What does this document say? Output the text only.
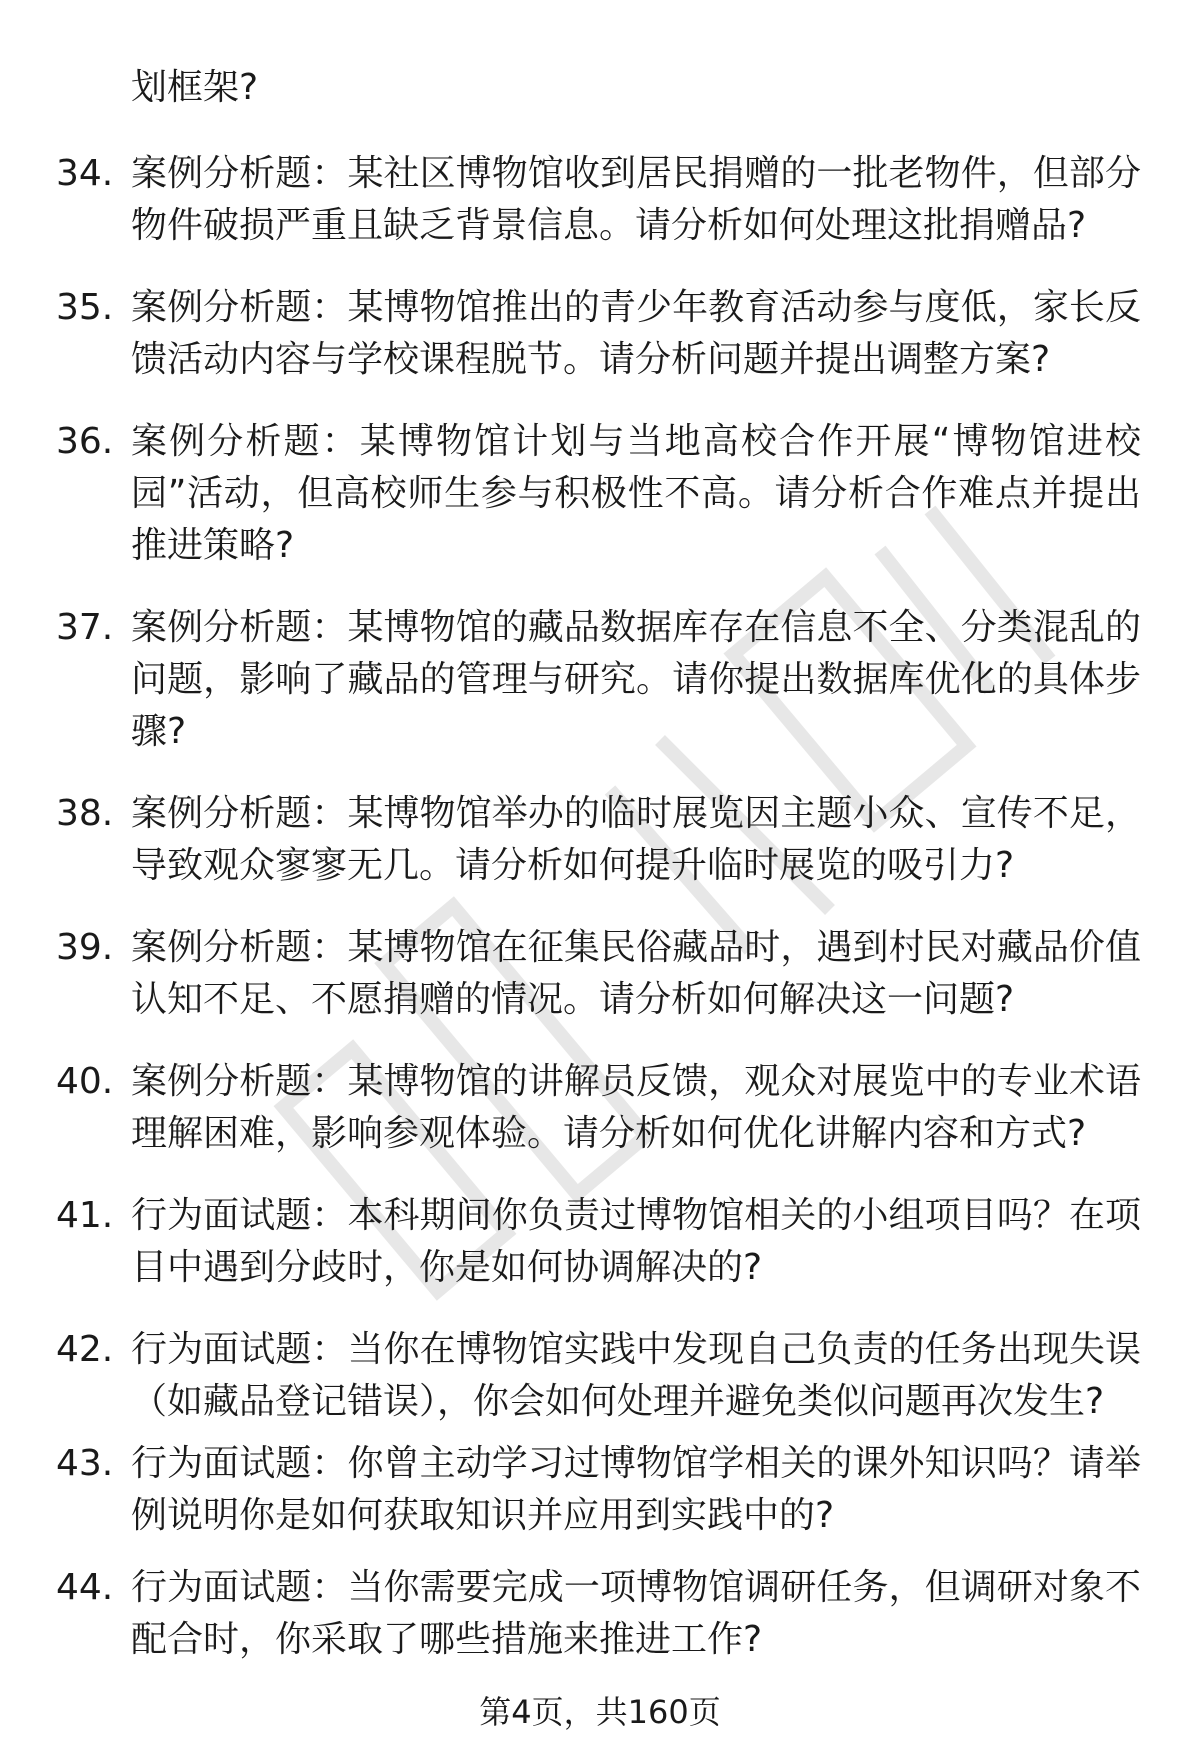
划框架?
34. 案例分析题：某社区博物馆收到居民捐赠的一批老物件，但部分物件破损严重且缺乏背景信息。请分析如何处理这批捐赠品?
35. 案例分析题：某博物馆推出的青少年教育活动参与度低，家长反馈活动内容与学校课程脱节。请分析问题并提出调整方案?
36. 案例分析题：某博物馆计划与当地高校合作开展“博物馆进校园”活动，但高校师生参与积极性不高。请分析合作难点并提出推进策略?
37. 案例分析题：某博物馆的藏品数据库存在信息不全、分类混乱的问题，影响了藏品的管理与研究。请你提出数据库优化的具体步骤?
38. 案例分析题：某博物馆举办的临时展览因主题小众、宣传不足，导致观众寥寥无几。请分析如何提升临时展览的吸引力?
39. 案例分析题：某博物馆在征集民俗藏品时，遇到村民对藏品价值认知不足、不愿捐赠的情况。请分析如何解决这一问题?
40. 案例分析题：某博物馆的讲解员反馈，观众对展览中的专业术语理解困难，影响参观体验。请分析如何优化讲解内容和方式?
41. 行为面试题：本科期间你负责过博物馆相关的小组项目吗？在项目中遇到分歧时，你是如何协调解决的?
42. 行为面试题：当你在博物馆实践中发现自己负责的任务出现失误（如藏品登记错误），你会如何处理并避免类似问题再次发生?
43. 行为面试题：你曾主动学习过博物馆学相关的课外知识吗？请举例说明你是如何获取知识并应用到实践中的?
44. 行为面试题：当你需要完成一项博物馆调研任务，但调研对象不配合时，你采取了哪些措施来推进工作?
第4页，共160页
